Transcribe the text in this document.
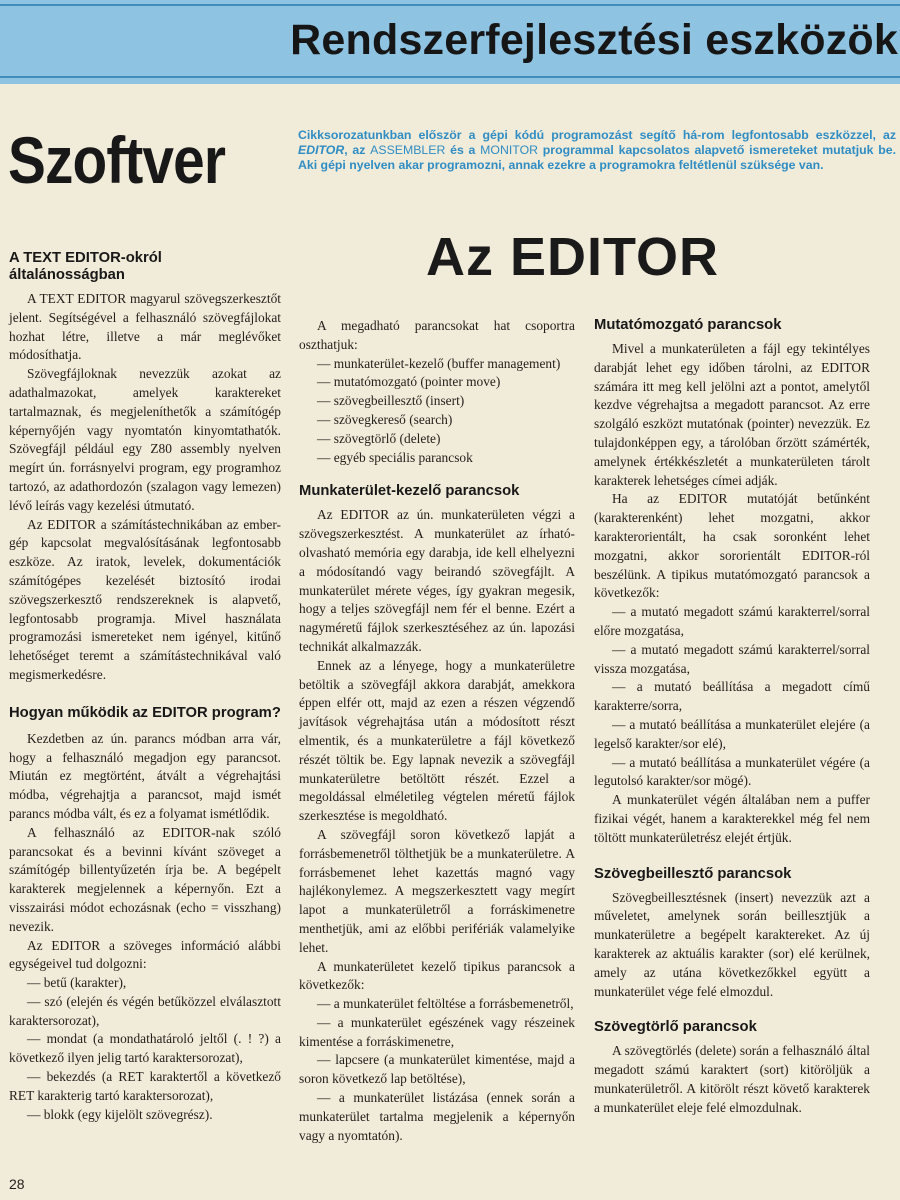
Rendszerfejlesztési eszközök
Szoftver	Cikksorozatunkban először a gépi kódú programozást segítő há-rom legfontosabb eszközzel, az EDITOR, az ASSEMBLER és a MONITOR programmal kapcsolatos alapvető ismereteket mutatjuk be. Aki gépi nyelven akar programozni, annak ezekre a programokra feltétlenül szüksége van.
Az EDITOR
A TEXT EDITOR-okról általánosságban

A TEXT EDITOR magyarul szövegszerkesztőt jelent. Segítségével a felhasználó szövegfájlokat hozhat létre, illetve a már meglévőket módosíthatja.

Szövegfájloknak nevezzük azokat az adathalmazokat, amelyek karaktereket tartalmaznak, és megjeleníthetők a számítógép képernyőjén vagy nyomtatón kinyomtathatók. Szövegfájl például egy Z80 assembly nyelven megírt ún. forrásnyelvi program, egy programhoz tartozó, az adathordozón (szalagon vagy lemezen) lévő leírás vagy kezelési útmutató.

Az EDITOR a számítástechnikában az ember-gép kapcsolat megvalósításának legfontosabb eszköze. Az iratok, levelek, dokumentációk számítógépes kezelését biztosító irodai szövegszerkesztő rendszereknek is alapvető, legfontosabb programja. Mivel használata programozási ismereteket nem igényel, kitűnő lehetőséget teremt a számítástechnikával való megismerkedésre.

Hogyan működik az EDITOR program?

Kezdetben az ún. parancs módban arra vár, hogy a felhasználó megadjon egy parancsot. Miután ez megtörtént, átvált a végrehajtási módba, végrehajtja a parancsot, majd ismét parancs módba vált, és ez a folyamat ismétlődik.

A felhasználó az EDITOR-nak szóló parancsokat és a bevinni kívánt szöveget a számítógép billentyűzetén írja be. A begépelt karakterek megjelennek a képernyőn. Ezt a visszairási módot echozásnak (echo = visszhang) nevezik.

Az EDITOR a szöveges információ alábbi egységeivel tud dolgozni:

— betű (karakter),

— szó (elején és végén betűközzel elválasztott karaktersorozat),

— mondat (a mondathatároló jeltől (. ! ?) a következő ilyen jelig tartó karaktersorozat),

— bekezdés (a RET karaktertől a következő RET karakterig tartó karaktersorozat),

— blokk (egy kijelölt szövegrész).

A megadható parancsokat hat csoportra oszthatjuk:

— munkaterület-kezelő (buffer management)

— mutatómozgató (pointer move)

— szövegbeillesztő (insert)

— szövegkereső (search)

— szövegtörlő (delete)

— egyéb speciális parancsok

Munkaterület-kezelő parancsok

Az EDITOR az ún. munkaterületen végzi a szövegszerkesztést. A munkaterület az írható-olvasható memória egy darabja, ide kell elhelyezni a módosítandó vagy beirandó szövegfájlt. A munkaterület mérete véges, így gyakran megesik, hogy a teljes szövegfájl nem fér el benne. Ezért a nagyméretű fájlok szerkesztéséhez az ún. lapozási technikát alkalmazzák.

Ennek az a lényege, hogy a munkaterületre betöltik a szövegfájl akkora darabját, amekkora éppen elfér ott, majd az ezen a részen végzendő javítások végrehajtása után a módosított részt elmentik, és a munkaterületre a fájl következő részét töltik be. Egy lapnak nevezik a szövegfájl munkaterületre betöltött részét. Ezzel a megoldással elméletileg végtelen méretű fájlok szerkesztése is megoldható.

A szövegfájl soron következő lapját a forrásbemenetről tölthetjük be a munkaterületre. A forrásbemenet lehet kazettás magnó vagy hajlékonylemez. A megszerkesztett vagy megírt lapot a munkaterületről a forráskimenetre menthetjük, ami az előbbi perifériák valamelyike lehet.

A munkaterületet kezelő tipikus parancsok a következők:

— a munkaterület feltöltése a forrásbemenetről,

— a munkaterület egészének vagy részeinek kimentése a forráskimenetre,

— lapcsere (a munkaterület kimentése, majd a soron következő lap betöltése),

— a munkaterület listázása (ennek során a munkaterület tartalma megjelenik a képernyőn vagy a nyomtatón).

Mutatómozgató parancsok

Mivel a munkaterületen a fájl egy tekintélyes darabját lehet egy időben tárolni, az EDITOR számára itt meg kell jelölni azt a pontot, amelytől kezdve végrehajtsa a megadott parancsot. Az erre szolgáló eszközt mutatónak (pointer) nevezzük. Ez tulajdonképpen egy, a tárolóban őrzött számérték, amelynek értékkészletét a munkaterületen tárolt karakterek lehetséges címei adják.

Ha az EDITOR mutatóját betűnként (karakterenként) lehet mozgatni, akkor karakterorientált, ha csak soronként lehet mozgatni, akkor sororientált EDITOR-ról beszélünk. A tipikus mutatómozgató parancsok a következők:

— a mutató megadott számú karakterrel/sorral előre mozgatása,

— a mutató megadott számú karakterrel/sorral vissza mozgatása,

— a mutató beállítása a megadott című karakterre/sorra,

— a mutató beállítása a munkaterület elejére (a legelső karakter/sor elé),

— a mutató beállítása a munkaterület végére (a legutolsó karakter/sor mögé).

A munkaterület végén általában nem a puffer fizikai végét, hanem a karakterekkel még fel nem töltött munkaterületrész elejét értjük.

Szövegbeillesztő parancsok

Szövegbeillesztésnek (insert) nevezzük azt a műveletet, amelynek során beillesztjük a munkaterületre a begépelt karaktereket. Az új karakterek az aktuális karakter (sor) elé kerülnek, amely az utána következőkkel együtt a munkaterület vége felé elmozdul.

Szövegtörlő parancsok

A szövegtörlés (delete) során a felhasználó által megadott számú karaktert (sort) kitöröljük a munkaterületről. A kitörölt részt követő karakterek a munkaterület eleje felé elmozdulnak.

28
